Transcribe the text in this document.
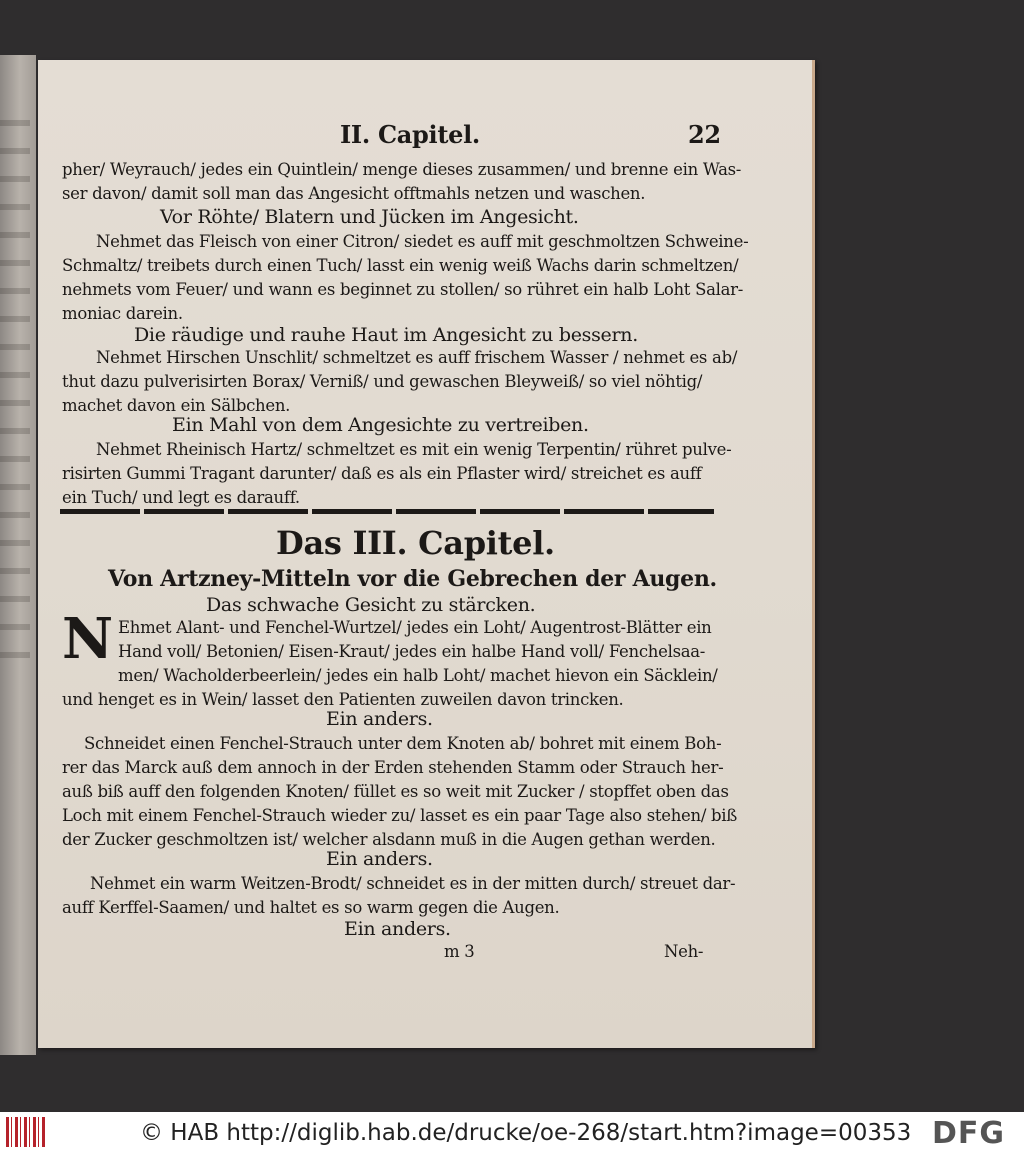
II. Capitel.	22
pher/ Weyrauch/ jedes ein Quintlein/ menge dieses zusammen/ und brenne ein Was-
ser davon/ damit soll man das Angesicht offtmahls netzen und waschen.
Vor Röhte/ Blatern und Jücken im Angesicht.
Nehmet das Fleisch von einer Citron/ siedet es auff mit geschmoltzen Schweine-
Schmaltz/ treibets durch einen Tuch/ lasst ein wenig weiß Wachs darin schmeltzen/
nehmets vom Feuer/ und wann es beginnet zu stollen/ so rühret ein halb Loht Salar-
moniac darein.
Die räudige und rauhe Haut im Angesicht zu bessern.
Nehmet Hirschen Unschlit/ schmeltzet es auff frischem Wasser / nehmet es ab/
thut dazu pulverisirten Borax/ Verniß/ und gewaschen Bleyweiß/ so viel nöhtig/
machet davon ein Sälbchen.
Ein Mahl von dem Angesichte zu vertreiben.
Nehmet Rheinisch Hartz/ schmeltzet es mit ein wenig Terpentin/ rühret pulve-
risirten Gummi Tragant darunter/ daß es als ein Pflaster wird/ streichet es auff
ein Tuch/ und legt es darauff.
Das III. Capitel.
Von Artzney-Mitteln vor die Gebrechen der Augen.
Das schwache Gesicht zu stärcken.
N Ehmet Alant- und Fenchel-Wurtzel/ jedes ein Loht/ Augentrost-Blätter ein
Hand voll/ Betonien/ Eisen-Kraut/ jedes ein halbe Hand voll/ Fenchelsaa-
men/ Wacholderbeerlein/ jedes ein halb Loht/ machet hievon ein Säcklein/
und henget es in Wein/ lasset den Patienten zuweilen davon trincken.
Ein anders.
Schneidet einen Fenchel-Strauch unter dem Knoten ab/ bohret mit einem Boh-
rer das Marck auß dem annoch in der Erden stehenden Stamm oder Strauch her-
auß biß auff den folgenden Knoten/ füllet es so weit mit Zucker / stopffet oben das
Loch mit einem Fenchel-Strauch wieder zu/ lasset es ein paar Tage also stehen/ biß
der Zucker geschmoltzen ist/ welcher alsdann muß in die Augen gethan werden.
Ein anders.
Nehmet ein warm Weitzen-Brodt/ schneidet es in der mitten durch/ streuet dar-
auff Kerffel-Saamen/ und haltet es so warm gegen die Augen.
Ein anders.
m 3	Neh-
© HAB http://diglib.hab.de/drucke/oe-268/start.htm?image=00353 DFG
